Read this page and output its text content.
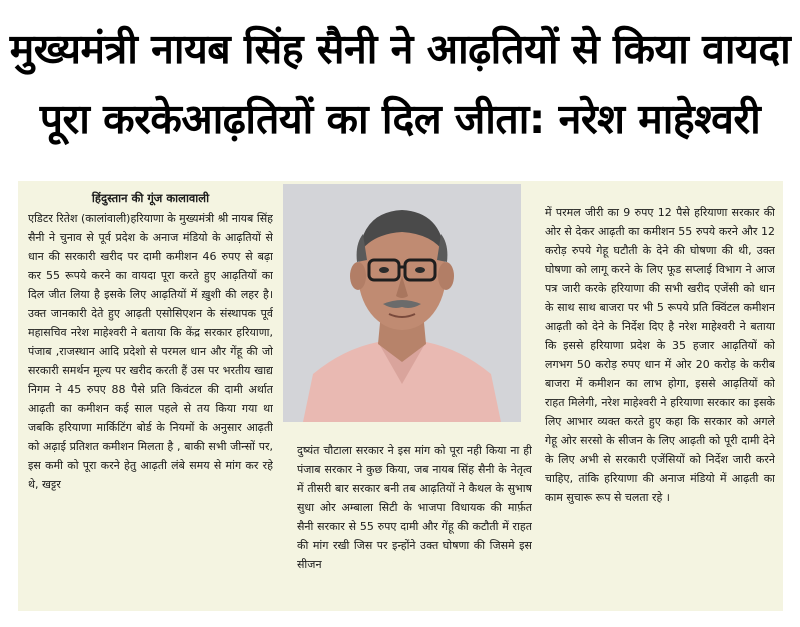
मुख्यमंत्री नायब सिंह सैनी ने आढ़तियों से किया वायदा
पूरा करकेआढ़तियों का दिल जीता: नरेश माहेश्वरी
हिंदुस्तान की गूंज कालावाली
एडिटर रितेश (कालांवाली)हरियाणा के मुख्यमंत्री श्री नायब सिंह सैनी ने चुनाव से पूर्व प्रदेश के अनाज मंडियो के आढ़तियों से धान की सरकारी खरीद पर दामी कमीशन 46 रुपए से बढ़ा कर 55 रूपये करने का वायदा पूरा करते हुए आढ़तियों का दिल जीत लिया है इसके लिए आढ़तियों में ख़ुशी की लहर है। उक्त जानकारी देते हुए आढ़ती एसोसिएशन के संस्थापक पूर्व महासचिव नरेश माहेश्वरी ने बताया कि केंद्र सरकार हरियाणा, पंजाब ,राजस्थान आदि प्रदेशो से परमल धान और गेंहू की जो सरकारी समर्थन मूल्य पर खरीद करती हैं उस पर भरतीय खाद्य निगम ने 45 रुपए 88 पैसे प्रति किवंटल की दामी अर्थात आढ़ती का कमीशन कई साल पहले से तय किया गया था जबकि हरियाणा मार्किटिंग बोर्ड के नियमों के अनुसार आढ़ती को अढ़ाई प्रतिशत कमीशन मिलता है , बाकी सभी जीन्सों पर, इस कमी को पूरा करने हेतु आढ़ती लंबे समय से मांग कर रहे थे, खट्टर
दुष्यंत चौटाला सरकार ने इस मांग को पूरा नही किया ना ही पंजाब सरकार ने कुछ किया, जब नायब सिंह सैनी के नेतृत्व में तीसरी बार सरकार बनी तब आढ़तियों ने कैथल के सुभाष सुधा ओर अम्बाला सिटी के भाजपा विधायक की मार्फ़त सैनी सरकार से 55 रुपए दामी और गेंहू की कटौती में राहत की मांग रखी जिस पर इन्होंने उक्त घोषणा की जिसमे इस सीजन
में परमल जीरी का 9 रुपए 12 पैसे हरियाणा सरकार की ओर से देकर आढ़ती का कमीशन 55 रुपये करने और 12 करोड़ रुपये गेहू घटौती के देने की घोषणा की थी, उक्त घोषणा को लागू करने के लिए फूड सप्लाई विभाग ने आज पत्र जारी करके हरियाणा की सभी खरीद एजेंसी को धान के साथ साथ बाजरा पर भी 5 रूपये प्रति क्विंटल कमीशन आढ़ती को देने के निर्देश दिए है नरेश माहेश्वरी ने बताया कि इससे हरियाणा प्रदेश के 35 हजार आढ़तियों को लगभग 50 करोड़ रुपए धान में ओर 20 करोड़ के करीब बाजरा में कमीशन का लाभ होगा, इससे आढ़तियों को राहत मिलेगी, नरेश माहेश्वरी ने हरियाणा सरकार का इसके लिए आभार व्यक्त करते हुए कहा कि सरकार को अगले गेहू ओर सरसो के सीजन के लिए आढ़ती को पूरी दामी देने के लिए अभी से सरकारी एजेंसियों को निर्देश जारी करने चाहिए, तांकि हरियाणा की अनाज मंडियो में आढ़ती का काम सुचारू रूप से चलता रहे ।
